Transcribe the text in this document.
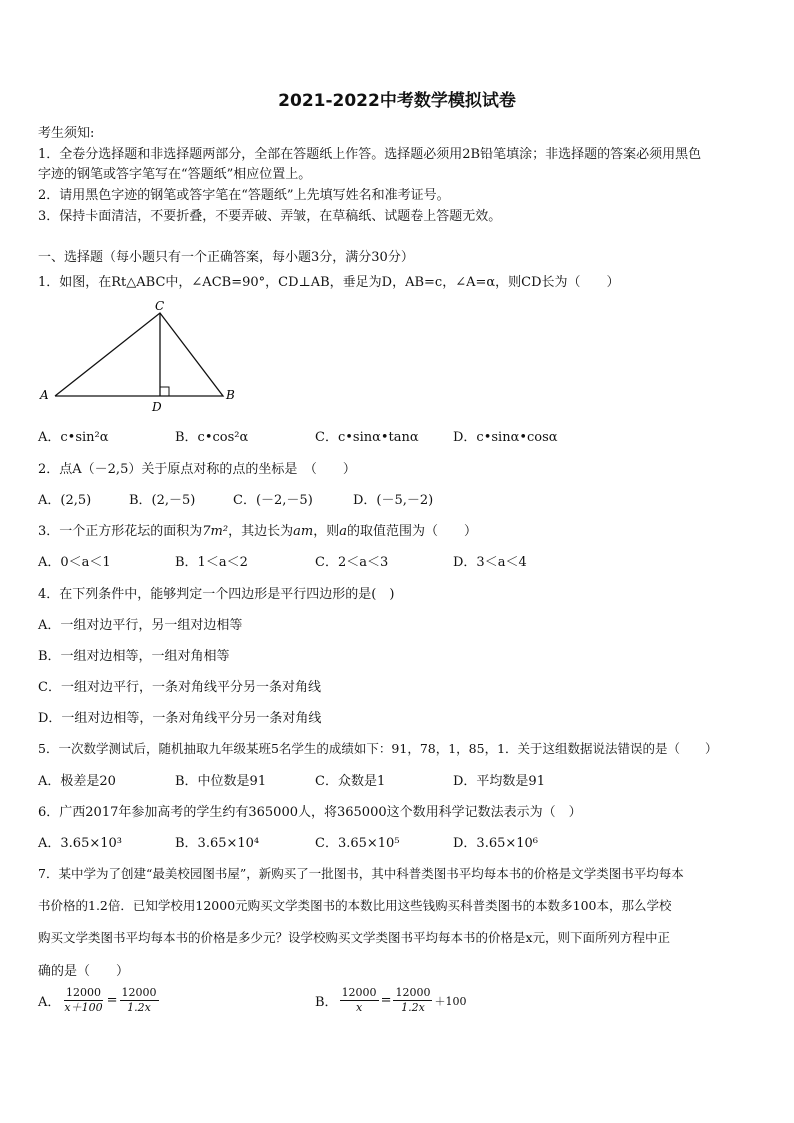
2021-2022中考数学模拟试卷
考生须知:
1．全卷分选择题和非选择题两部分，全部在答题纸上作答。选择题必须用2B铅笔填涂；非选择题的答案必须用黑色
字迹的钢笔或答字笔写在“答题纸”相应位置上。
2．请用黑色字迹的钢笔或答字笔在“答题纸”上先填写姓名和准考证号。
3．保持卡面清洁，不要折叠，不要弄破、弄皱，在草稿纸、试题卷上答题无效。
一、选择题（每小题只有一个正确答案，每小题3分，满分30分）
1．如图，在Rt△ABC中，∠ACB=90°，CD⊥AB，垂足为D，AB=c，∠A=α，则CD长为（　　）
A
C
B
D
A．c•sin²α	B．c•cos²α	C．c•sinα•tanα	D．c•sinα•cosα
2．点A（－2,5）关于原点对称的点的坐标是　（　　）
A．(2,5)	B．(2,－5)	C．(－2,－5)	D．(－5,－2)
3．一个正方形花坛的面积为7m²，其边长为am，则a的取值范围为（　　）
A．0＜a＜1	B．1＜a＜2	C．2＜a＜3	D．3＜a＜4
4．在下列条件中，能够判定一个四边形是平行四边形的是(　)
A．一组对边平行，另一组对边相等
B．一组对边相等，一组对角相等
C．一组对边平行，一条对角线平分另一条对角线
D．一组对边相等，一条对角线平分另一条对角线
5．一次数学测试后，随机抽取九年级某班5名学生的成绩如下：91，78，1，85，1．关于这组数据说法错误的是（　　）
A．极差是20	B．中位数是91	C．众数是1	D．平均数是91
6．广西2017年参加高考的学生约有365000人，将365000这个数用科学记数法表示为（　）
A．3.65×10³	B．3.65×10⁴	C．3.65×10⁵	D．3.65×10⁶
7．某中学为了创建“最美校园图书屋”，新购买了一批图书，其中科普类图书平均每本书的价格是文学类图书平均每本
书价格的1.2倍．已知学校用12000元购买文学类图书的本数比用这些钱购买科普类图书的本数多100本，那么学校
购买文学类图书平均每本书的价格是多少元？设学校购买文学类图书平均每本书的价格是x元，则下面所列方程中正
确的是（　　）
A． $\frac{12000}{x+100} = \frac{12000}{1.2x}$	B． $\frac{12000}{x} = \frac{12000}{1.2x} +100$
